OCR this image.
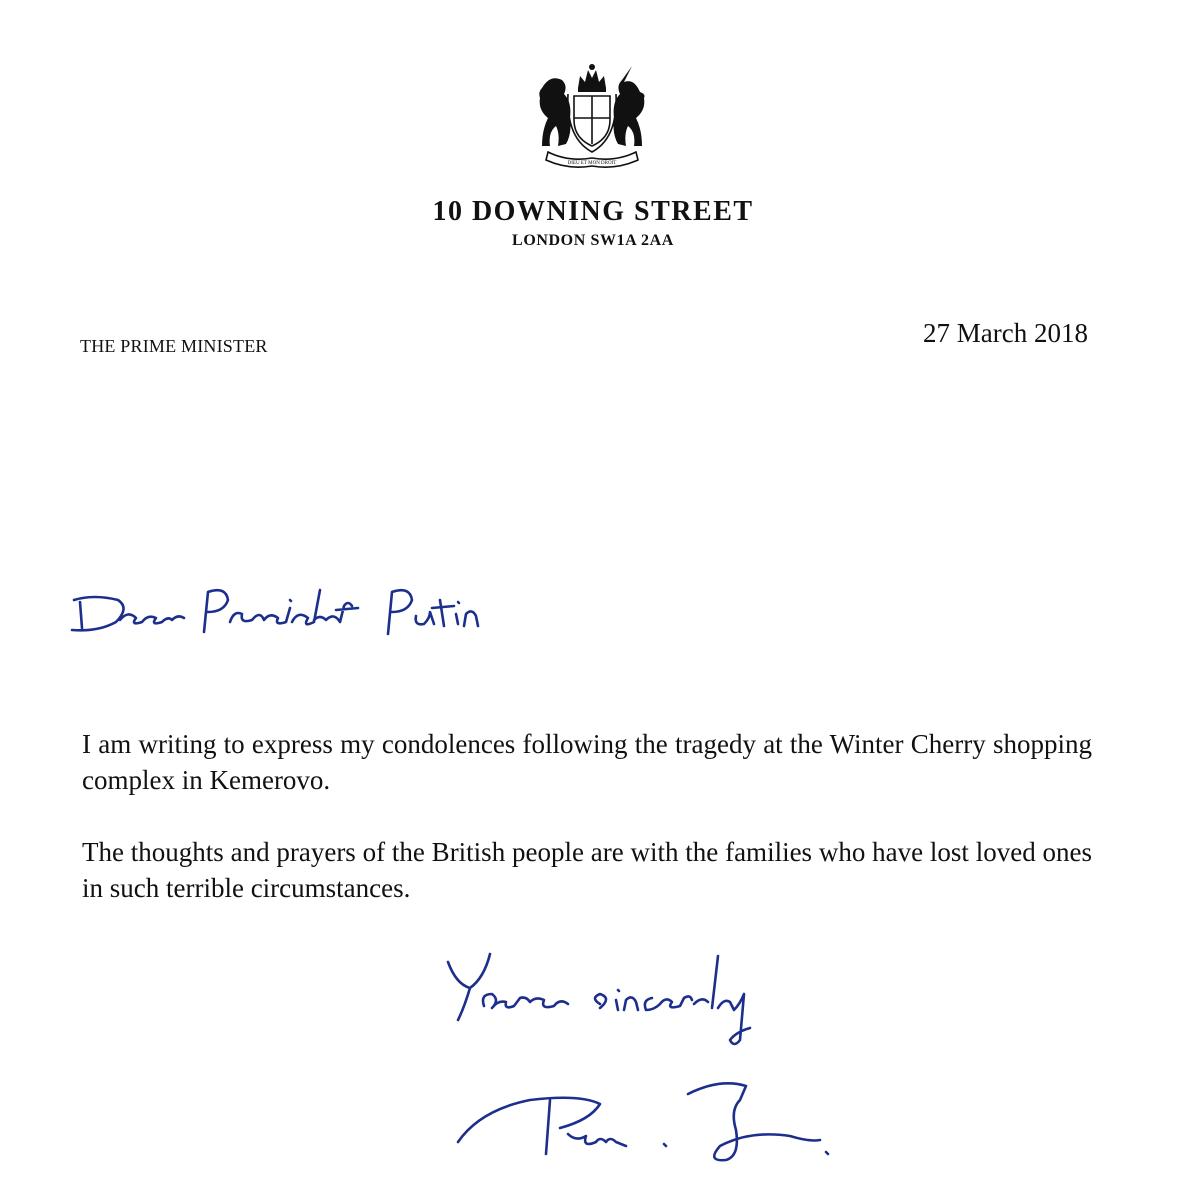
DIEU ET MON DROIT
10 DOWNING STREET
LONDON SW1A 2AA
THE PRIME MINISTER	27 March 2018
I am writing to express my condolences following the tragedy at the Winter Cherry shopping complex in Kemerovo.
The thoughts and prayers of the British people are with the families who have lost loved ones in such terrible circumstances.
